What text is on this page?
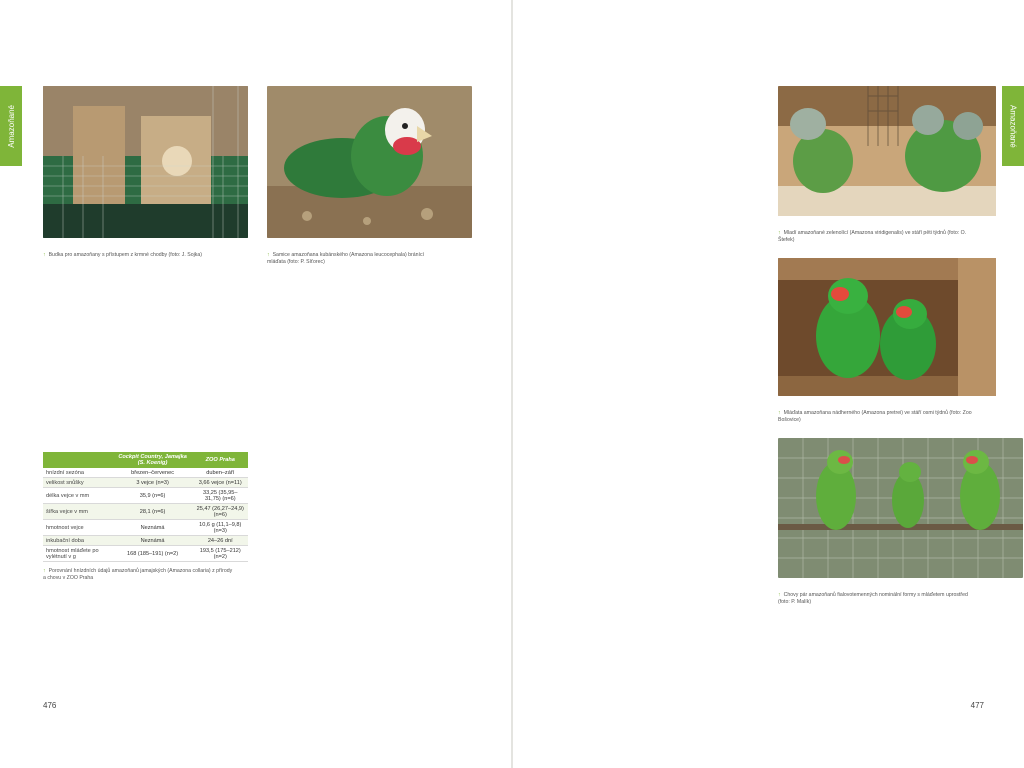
Amazoňané
↑ Budka pro amazoňany s přístupem z krmné chodby (foto: J. Sojka)	↑ Samice amazoňana kubánského (Amazona leucocephala) bránící mláďata (foto: P. Síťorec)

	Cockpit Country, Jamajka (S. Koenig)	ZOO Praha
hnízdní sezóna	březen–červenec	duben–září
velikost snůšky	3 vejce (n=3)	3,66 vejce (n=11)
délka vejce v mm	35,9 (n=6)	33,25 (35,95–31,75) (n=6)
šířka vejce v mm	28,1 (n=6)	25,47 (26,27–24,9) (n=6)
hmotnost vejce	Neznámá	10,6 g (11,1–9,8) (n=3)
inkubační doba	Neznámá	24–26 dní
hmotnost mláďete po vylétnutí v g	168 (185–191) (n=2)	193,5 (175–212) (n=2)
↑ Porovnání hnízdních údajů amazoňanů jamajských (Amazona collaria) z přírody a chovu v ZOO Praha

476
Amazoňané

↑ Mladí amazoňané zelenolící (Amazona viridigenalis) ve stáří pěti týdnů (foto: O. Štefek)
↑ Mláďata amazoňana nádherného (Amazona pretrei) ve stáří osmi týdnů (foto: Zoo Bošovice)
↑ Chovy pár amazoňanů fialovotemenných nominální formy s mláďetem uprostřed (foto: P. Malík)

477
